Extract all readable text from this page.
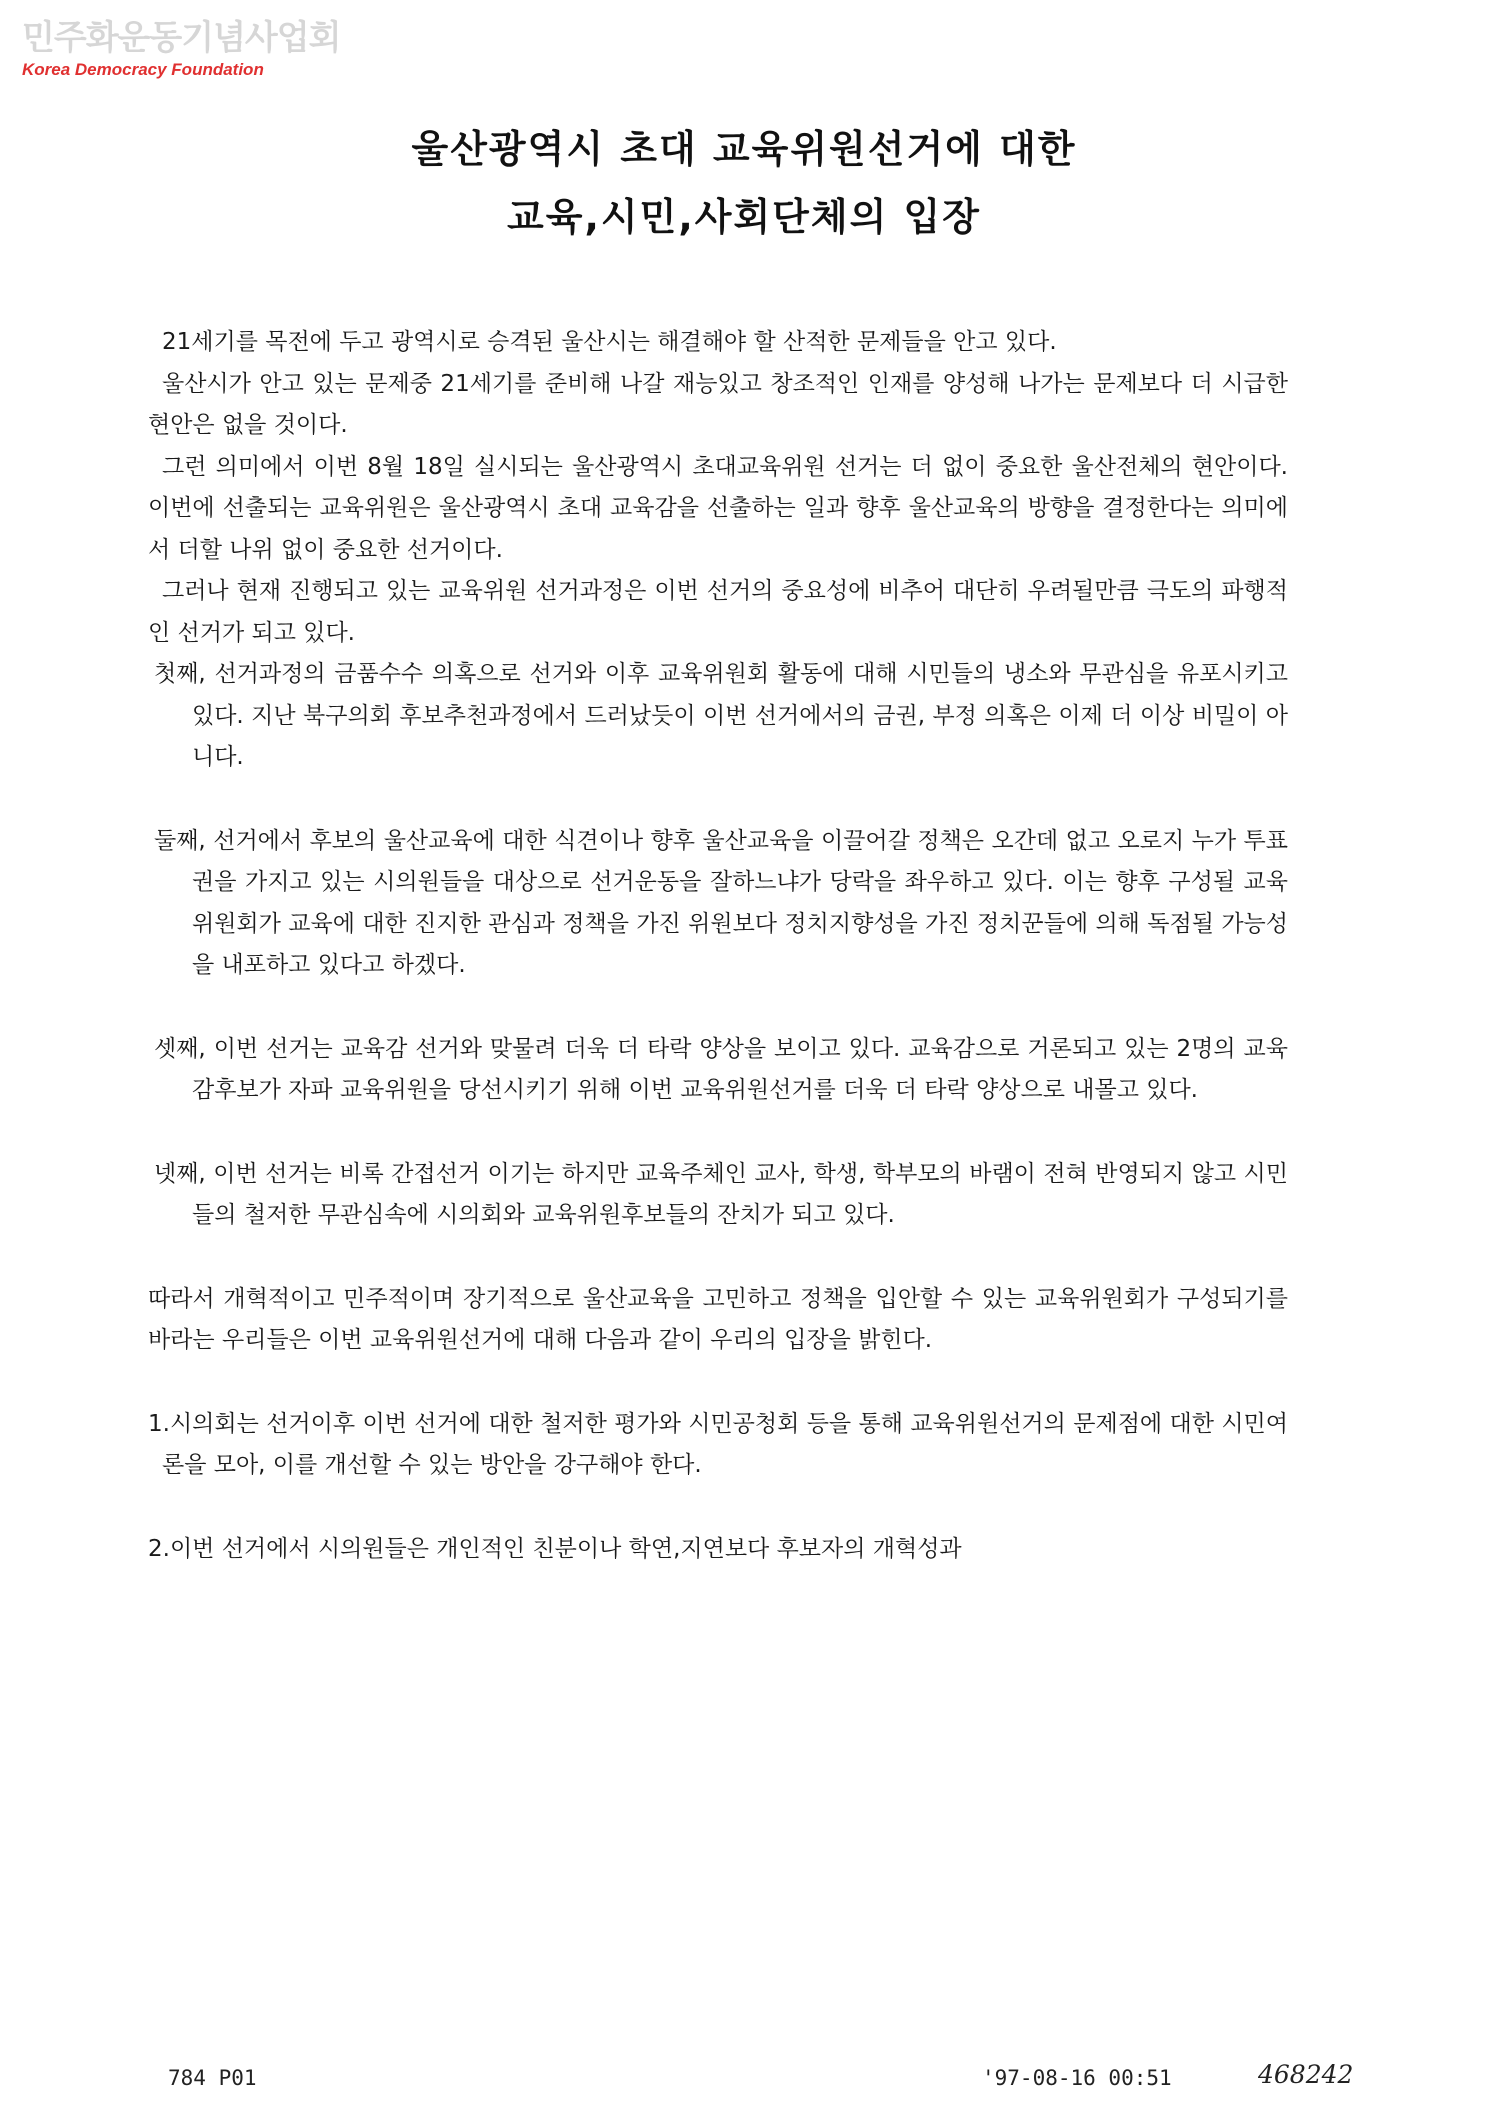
민주화운동기념사업회
Korea Democracy Foundation
울산광역시 초대 교육위원선거에 대한
교육,시민,사회단체의 입장

21세기를 목전에 두고 광역시로 승격된 울산시는 해결해야 할 산적한 문제들을 안고 있다.

울산시가 안고 있는 문제중 21세기를 준비해 나갈 재능있고 창조적인 인재를 양성해 나가는 문제보다 더 시급한 현안은 없을 것이다.

그런 의미에서 이번 8월 18일 실시되는 울산광역시 초대교육위원 선거는 더 없이 중요한 울산전체의 현안이다. 이번에 선출되는 교육위원은 울산광역시 초대 교육감을 선출하는 일과 향후 울산교육의 방향을 결정한다는 의미에서 더할 나위 없이 중요한 선거이다.

그러나 현재 진행되고 있는 교육위원 선거과정은 이번 선거의 중요성에 비추어 대단히 우려될만큼 극도의 파행적인 선거가 되고 있다.

첫째, 선거과정의 금품수수 의혹으로 선거와 이후 교육위원회 활동에 대해 시민들의 냉소와 무관심을 유포시키고 있다. 지난 북구의회 후보추천과정에서 드러났듯이 이번 선거에서의 금권, 부정 의혹은 이제 더 이상 비밀이 아니다.

둘째, 선거에서 후보의 울산교육에 대한 식견이나 향후 울산교육을 이끌어갈 정책은 오간데 없고 오로지 누가 투표권을 가지고 있는 시의원들을 대상으로 선거운동을 잘하느냐가 당락을 좌우하고 있다. 이는 향후 구성될 교육위원회가 교육에 대한 진지한 관심과 정책을 가진 위원보다 정치지향성을 가진 정치꾼들에 의해 독점될 가능성을 내포하고 있다고 하겠다.

셋째, 이번 선거는 교육감 선거와 맞물려 더욱 더 타락 양상을 보이고 있다. 교육감으로 거론되고 있는 2명의 교육감후보가 자파 교육위원을 당선시키기 위해 이번 교육위원선거를 더욱 더 타락 양상으로 내몰고 있다.

넷째, 이번 선거는 비록 간접선거 이기는 하지만 교육주체인 교사, 학생, 학부모의 바램이 전혀 반영되지 않고 시민들의 철저한 무관심속에 시의회와 교육위원후보들의 잔치가 되고 있다.

따라서 개혁적이고 민주적이며 장기적으로 울산교육을 고민하고 정책을 입안할 수 있는 교육위원회가 구성되기를 바라는 우리들은 이번 교육위원선거에 대해 다음과 같이 우리의 입장을 밝힌다.

1.시의회는 선거이후 이번 선거에 대한 철저한 평가와 시민공청회 등을 통해 교육위원선거의 문제점에 대한 시민여론을 모아, 이를 개선할 수 있는 방안을 강구해야 한다.

2.이번 선거에서 시의원들은 개인적인 친분이나 학연,지연보다 후보자의 개혁성과

784 P01	'97-08-16 00:51	468242
